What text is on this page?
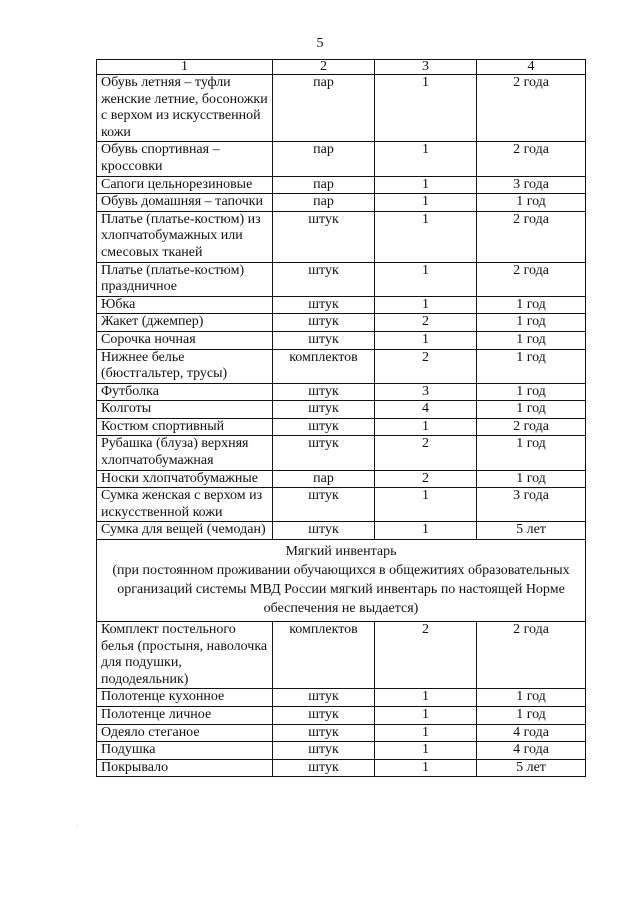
5
1	2	3	4
Обувь летняя – туфли женские летние, босоножки с верхом из искусственной кожи	пар	1	2 года
Обувь спортивная – кроссовки	пар	1	2 года
Сапоги цельнорезиновые	пар	1	3 года
Обувь домашняя – тапочки	пар	1	1 год
Платье (платье-костюм) из хлопчатобумажных или смесовых тканей	штук	1	2 года
Платье (платье-костюм) праздничное	штук	1	2 года
Юбка	штук	1	1 год
Жакет (джемпер)	штук	2	1 год
Сорочка ночная	штук	1	1 год
Нижнее белье (бюстгальтер, трусы)	комплектов	2	1 год
Футболка	штук	3	1 год
Колготы	штук	4	1 год
Костюм спортивный	штук	1	2 года
Рубашка (блуза) верхняя хлопчатобумажная	штук	2	1 год
Носки хлопчатобумажные	пар	2	1 год
Сумка женская с верхом из искусственной кожи	штук	1	3 года
Сумка для вещей (чемодан)	штук	1	5 лет

Мягкий инвентарь
(при постоянном проживании обучающихся в общежитиях образовательных организаций системы МВД России мягкий инвентарь по настоящей Норме обеспечения не выдается)			

Комплект постельного белья (простыня, наволочка для подушки, пододеяльник)	комплектов	2	2 года
Полотенце кухонное	штук	1	1 год
Полотенце личное	штук	1	1 год
Одеяло стеганое	штук	1	4 года
Подушка	штук	1	4 года
Покрывало	штук	1	5 лет
·
